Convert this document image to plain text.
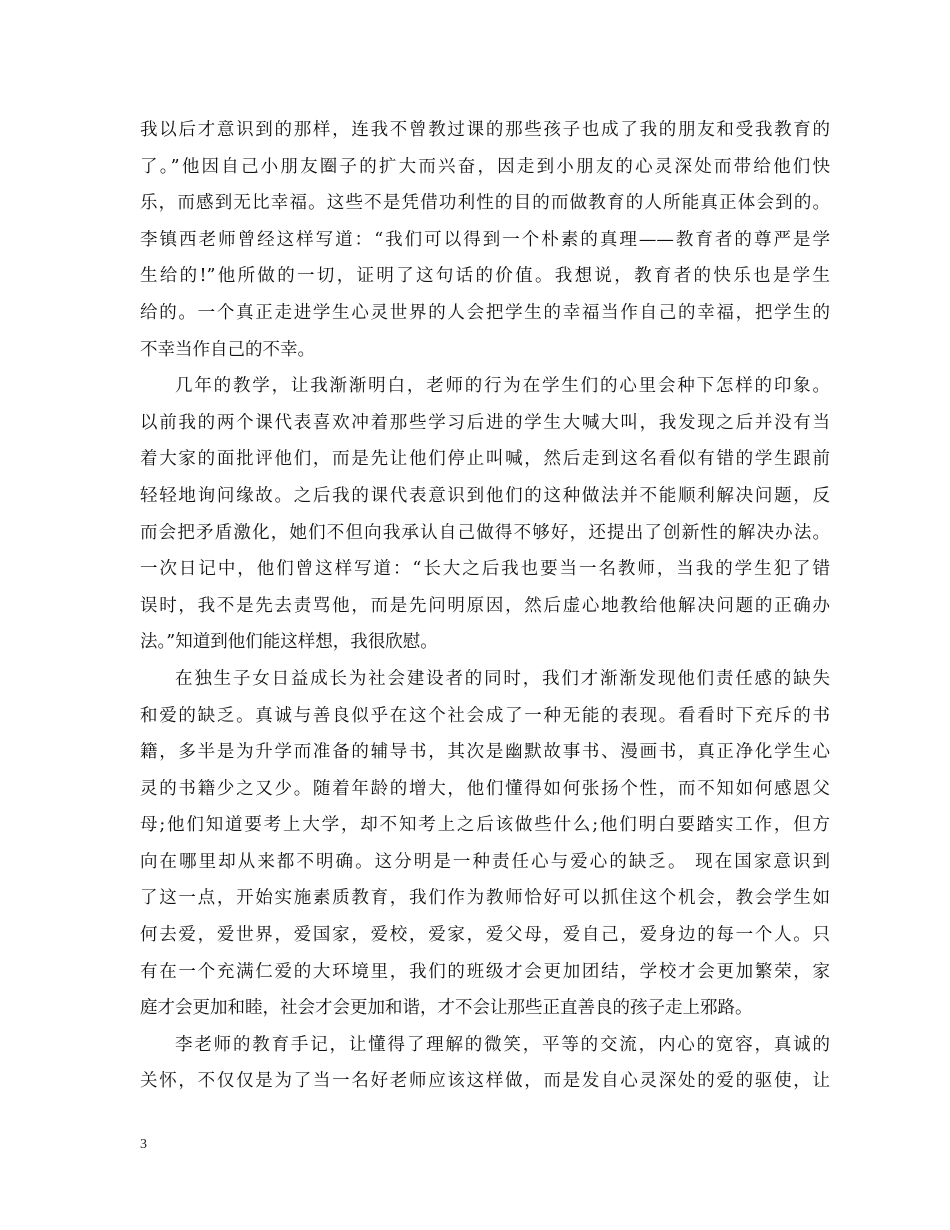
我以后才意识到的那样，连我不曾教过课的那些孩子也成了我的朋友和受我教育的
了。”他因自己小朋友圈子的扩大而兴奋，因走到小朋友的心灵深处而带给他们快
乐，而感到无比幸福。这些不是凭借功利性的目的而做教育的人所能真正体会到的。
李镇西老师曾经这样写道：“我们可以得到一个朴素的真理——教育者的尊严是学
生给的!”他所做的一切，证明了这句话的价值。我想说，教育者的快乐也是学生
给的。一个真正走进学生心灵世界的人会把学生的幸福当作自己的幸福，把学生的
不幸当作自己的不幸。
几年的教学，让我渐渐明白，老师的行为在学生们的心里会种下怎样的印象。
以前我的两个课代表喜欢冲着那些学习后进的学生大喊大叫，我发现之后并没有当
着大家的面批评他们，而是先让他们停止叫喊，然后走到这名看似有错的学生跟前
轻轻地询问缘故。之后我的课代表意识到他们的这种做法并不能顺利解决问题，反
而会把矛盾激化，她们不但向我承认自己做得不够好，还提出了创新性的解决办法。
一次日记中，他们曾这样写道：“长大之后我也要当一名教师，当我的学生犯了错
误时，我不是先去责骂他，而是先问明原因，然后虚心地教给他解决问题的正确办
法。”知道到他们能这样想，我很欣慰。
在独生子女日益成长为社会建设者的同时，我们才渐渐发现他们责任感的缺失
和爱的缺乏。真诚与善良似乎在这个社会成了一种无能的表现。看看时下充斥的书
籍，多半是为升学而准备的辅导书，其次是幽默故事书、漫画书，真正净化学生心
灵的书籍少之又少。随着年龄的增大，他们懂得如何张扬个性，而不知如何感恩父
母;他们知道要考上大学，却不知考上之后该做些什么;他们明白要踏实工作，但方
向在哪里却从来都不明确。这分明是一种责任心与爱心的缺乏。 现在国家意识到
了这一点，开始实施素质教育，我们作为教师恰好可以抓住这个机会，教会学生如
何去爱，爱世界，爱国家，爱校，爱家，爱父母，爱自己，爱身边的每一个人。只
有在一个充满仁爱的大环境里，我们的班级才会更加团结，学校才会更加繁荣，家
庭才会更加和睦，社会才会更加和谐，才不会让那些正直善良的孩子走上邪路。
李老师的教育手记，让懂得了理解的微笑，平等的交流，内心的宽容，真诚的
关怀，不仅仅是为了当一名好老师应该这样做，而是发自心灵深处的爱的驱使，让
3
